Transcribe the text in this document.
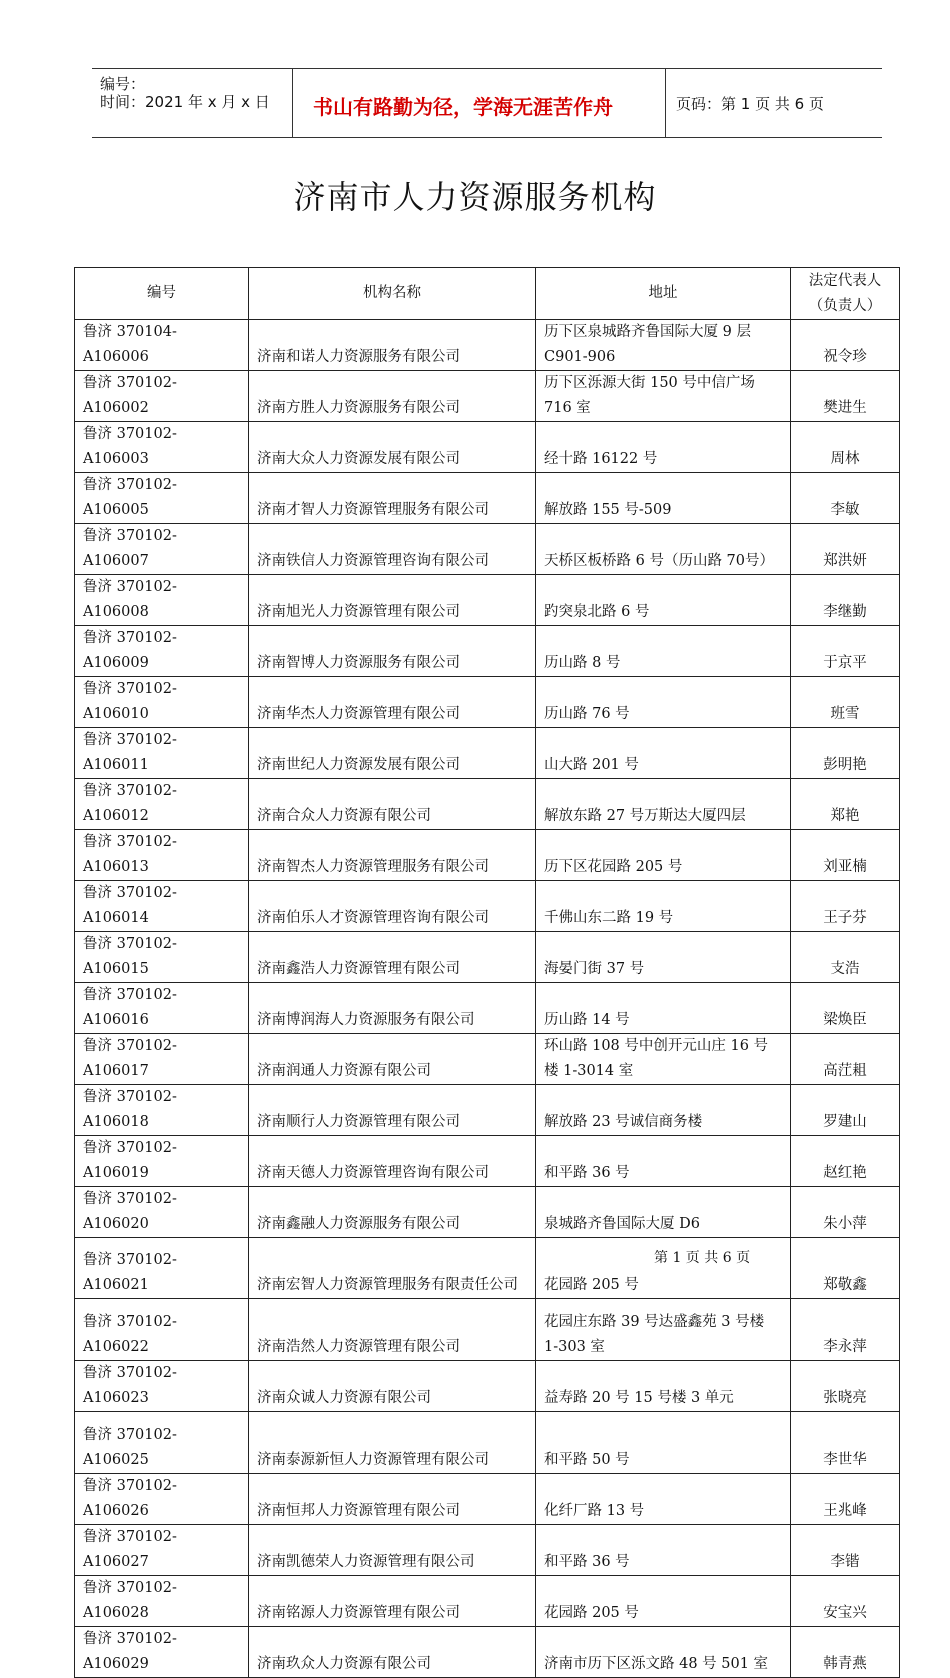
编号：
时间：2021 年 x 月 x 日 书山有路勤为径，学海无涯苦作舟	页码：第 1 页 共 6 页
济南市人力资源服务机构
编号	机构名称	地址	法定代表人（负责人）
鲁济 370104-A106006	济南和诺人力资源服务有限公司	历下区泉城路齐鲁国际大厦 9 层C901-906	祝令珍
鲁济 370102-A106002	济南方胜人力资源服务有限公司	历下区泺源大街 150 号中信广场 716 室	樊进生
鲁济 370102-A106003	济南大众人力资源发展有限公司	经十路 16122 号	周林
鲁济 370102-A106005	济南才智人力资源管理服务有限公司	解放路 155 号-509	李敏
鲁济 370102-A106007	济南铁信人力资源管理咨询有限公司	天桥区板桥路 6 号（历山路 70号）	郑洪妍
鲁济 370102-A106008	济南旭光人力资源管理有限公司	趵突泉北路 6 号	李继勤
鲁济 370102-A106009	济南智博人力资源服务有限公司	历山路 8 号	于京平
鲁济 370102-A106010	济南华杰人力资源管理有限公司	历山路 76 号	班雪
鲁济 370102-A106011	济南世纪人力资源发展有限公司	山大路 201 号	彭明艳
鲁济 370102-A106012	济南合众人力资源有限公司	解放东路 27 号万斯达大厦四层	郑艳
鲁济 370102-A106013	济南智杰人力资源管理服务有限公司	历下区花园路 205 号	刘亚楠
鲁济 370102-A106014	济南伯乐人才资源管理咨询有限公司	千佛山东二路 19 号	王子芬
鲁济 370102-A106015	济南鑫浩人力资源管理有限公司	海晏门街 37 号	支浩
鲁济 370102-A106016	济南博润海人力资源服务有限公司	历山路 14 号	梁焕臣
鲁济 370102-A106017	济南润通人力资源有限公司	环山路 108 号中创开元山庄 16 号楼 1-3014 室	高茳耝
鲁济 370102-A106018	济南顺行人力资源管理有限公司	解放路 23 号诚信商务楼	罗建山
鲁济 370102-A106019	济南天德人力资源管理咨询有限公司	和平路 36 号	赵红艳
鲁济 370102-A106020	济南鑫融人力资源服务有限公司	泉城路齐鲁国际大厦 D6	朱小萍
鲁济 370102-A106021	济南宏智人力资源管理服务有限责任公司	花园路 205 号	郑敬鑫
鲁济 370102-A106022	济南浩然人力资源管理有限公司	花园庄东路 39 号达盛鑫苑 3 号楼 1-303 室	李永萍
鲁济 370102-A106023	济南众诚人力资源有限公司	益寿路 20 号 15 号楼 3 单元	张晓亮
鲁济 370102-A106025	济南泰源新恒人力资源管理有限公司	和平路 50 号	李世华
鲁济 370102-A106026	济南恒邦人力资源管理有限公司	化纤厂路 13 号	王兆峰
鲁济 370102-A106027	济南凯德荣人力资源管理有限公司	和平路 36 号	李锴
鲁济 370102-A106028	济南铭源人力资源管理有限公司	花园路 205 号	安宝兴
鲁济 370102-A106029	济南玖众人力资源有限公司	济南市历下区泺文路 48 号 501 室	韩青燕
第 1 页 共 6 页
